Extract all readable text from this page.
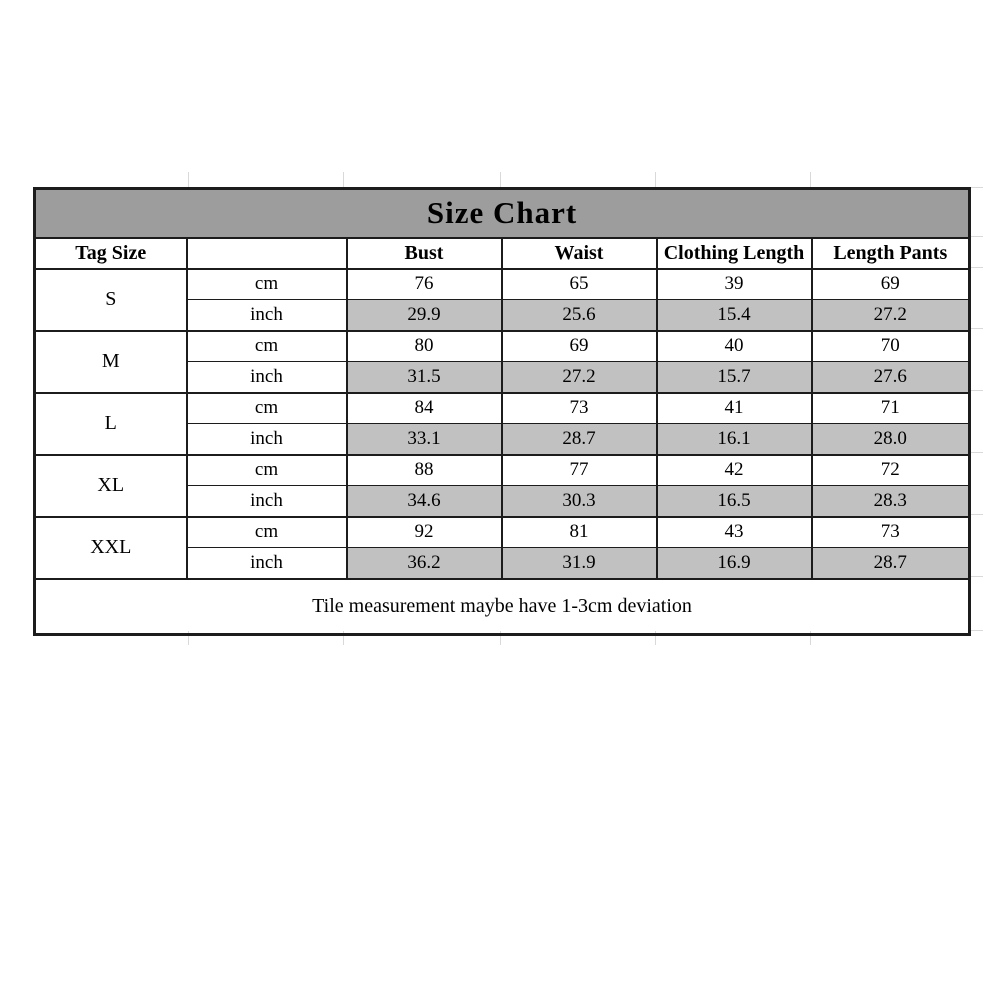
Size Chart					
Tag Size		Bust	Waist	Clothing Length	Length Pants
S	cm	76	65	39	69
	inch	29.9	25.6	15.4	27.2
M	cm	80	69	40	70
	inch	31.5	27.2	15.7	27.6
L	cm	84	73	41	71
	inch	33.1	28.7	16.1	28.0
XL	cm	88	77	42	72
	inch	34.6	30.3	16.5	28.3
XXL	cm	92	81	43	73
	inch	36.2	31.9	16.9	28.7
Tile measurement maybe have 1-3cm deviation					
